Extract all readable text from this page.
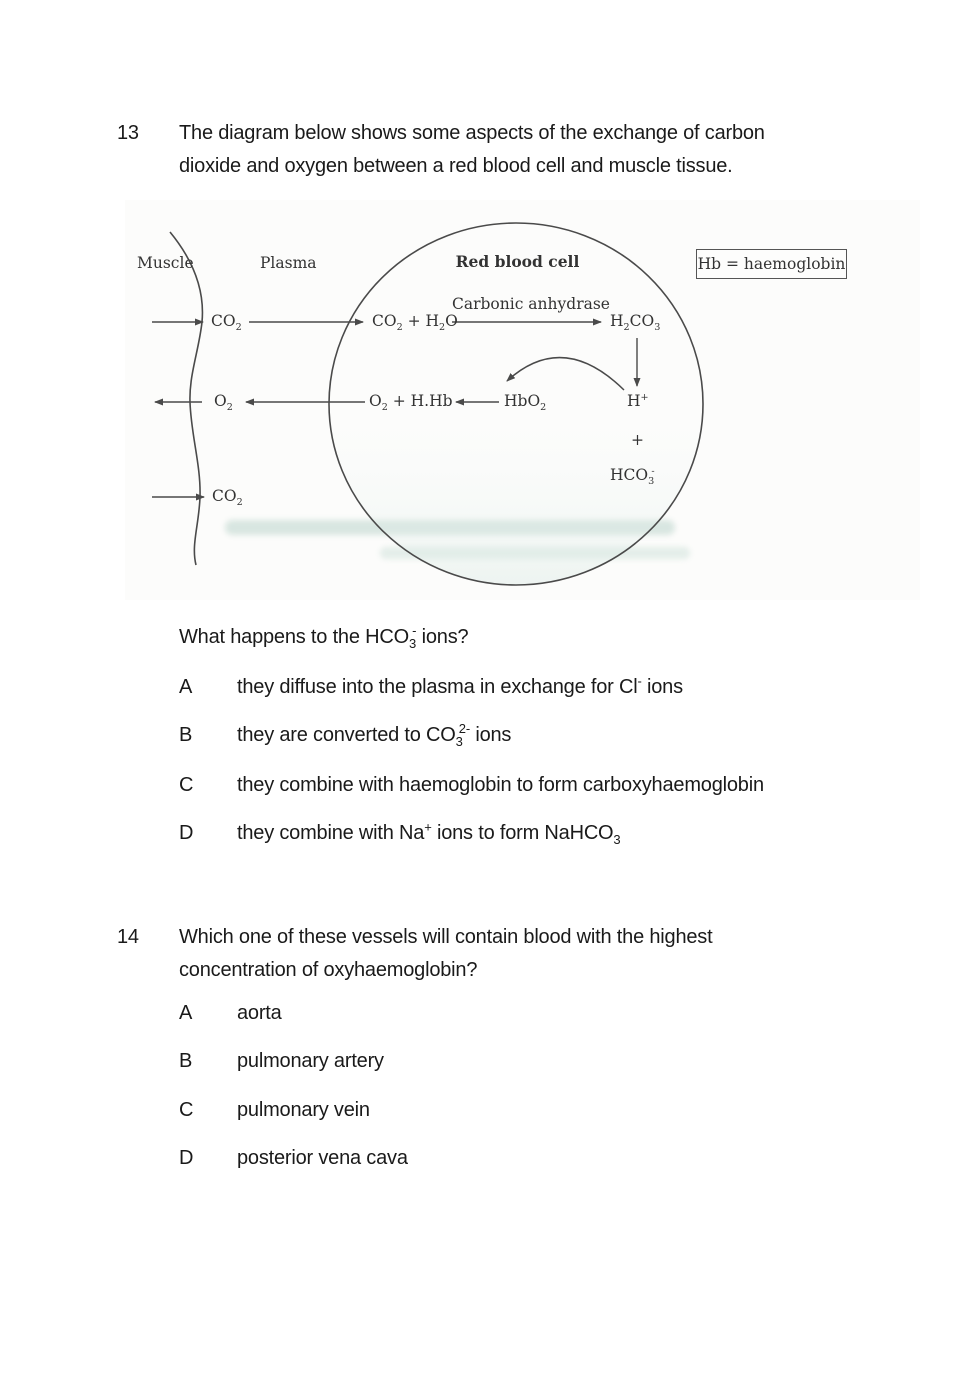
13	The diagram below shows some aspects of the exchange of carbon
dioxide and oxygen between a red blood cell and muscle tissue.
Muscle	Plasma	Red blood cell	Hb = haemoglobin
Carbonic anhydrase
$CO_2$	$CO_2 + H_2O$	$H_2CO_3$
$O_2$	$O_2 + H.Hb$	HbO$_2$	H+
+
$HCO_3^-$
$CO_2$
What happens to the $HCO_3^-$ ions?
A	they diffuse into the plasma in exchange for Cl- ions
B	they are converted to $CO_3^{2-}$ ions
C	they combine with haemoglobin to form carboxyhaemoglobin
D	they combine with Na+ ions to form NaHCO$_3$
14	Which one of these vessels will contain blood with the highest
concentration of oxyhaemoglobin?
A	aorta
B	pulmonary artery
C	pulmonary vein
D	posterior vena cava
